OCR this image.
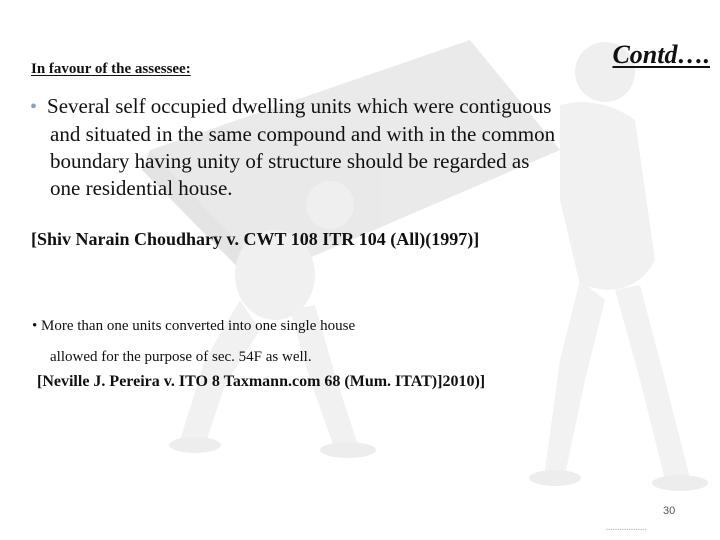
In favour of the assessee:	Contd….
• Several self occupied dwelling units which were contiguous
and situated in the same compound and with in the common
boundary having unity of structure should be regarded as
one residential house.
[Shiv Narain Choudhary v. CWT 108 ITR 104 (All)(1997)]
• More than one units converted into one single house
allowed for the purpose of sec. 54F as well.
[Neville J. Pereira v. ITO 8 Taxmann.com 68 (Mum. ITAT)]2010)]
30
▪▪▪▪▪▪▪▪▪▪▪▪▪▪▪▪▪▪
